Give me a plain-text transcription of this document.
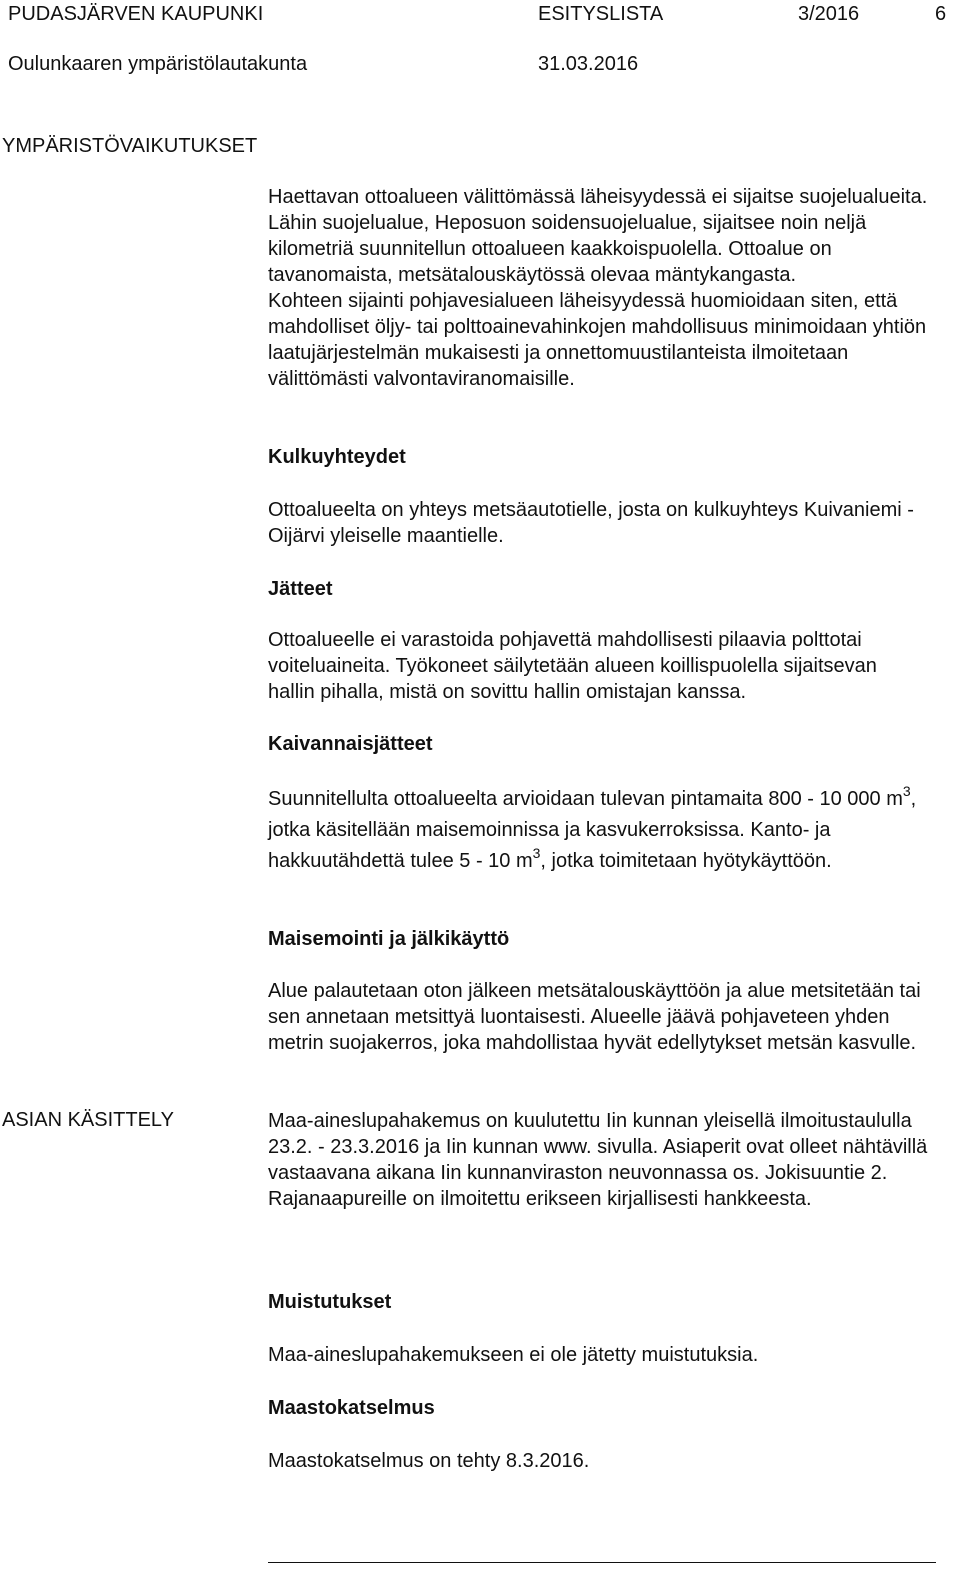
PUDASJÄRVEN KAUPUNKI	ESITYSLISTA	3/2016	6
Oulunkaaren ympäristölautakunta	31.03.2016
YMPÄRISTÖVAIKUTUKSET
ASIAN KÄSITTELY

Haettavan ottoalueen välittömässä läheisyydessä ei sijaitse suojelualueita. Lähin suojelualue, Heposuon soidensuojelualue, sijaitsee noin neljä kilometriä suunnitellun ottoalueen kaakkoispuolella. Ottoalue on tavanomaista, metsätalouskäytössä olevaa mäntykangasta.

Kohteen sijainti pohjavesialueen läheisyydessä huomioidaan siten, että mahdolliset öljy- tai polttoainevahinkojen mahdollisuus minimoidaan yhtiön laatujärjestelmän mukaisesti ja onnettomuustilanteista ilmoitetaan välittömästi valvontaviranomaisille.

Kulkuyhteydet

Ottoalueelta on yhteys metsäautotielle, josta on kulkuyhteys Kuivaniemi - Oijärvi yleiselle maantielle.

Jätteet

Ottoalueelle ei varastoida pohjavettä mahdollisesti pilaavia polttotai voiteluaineita. Työkoneet säilytetään alueen koillispuolella sijaitsevan hallin pihalla, mistä on sovittu hallin omistajan kanssa.

Kaivannaisjätteet

Suunnitellulta ottoalueelta arvioidaan tulevan pintamaita 800 - 10 000 $m^3$, jotka käsitellään maisemoinnissa ja kasvukerroksissa. Kanto- ja hakkuutähdettä tulee 5 - 10 $m^3$, jotka toimitetaan hyötykäyttöön.

Maisemointi ja jälkikäyttö

Alue palautetaan oton jälkeen metsätalouskäyttöön ja alue metsitetään tai sen annetaan metsittyä luontaisesti. Alueelle jäävä pohjaveteen yhden metrin suojakerros, joka mahdollistaa hyvät edellytykset metsän kasvulle.

Maa-aineslupahakemus on kuulutettu Iin kunnan yleisellä ilmoitustaululla 23.2. - 23.3.2016 ja Iin kunnan www. sivulla. Asiaperit ovat olleet nähtävillä vastaavana aikana Iin kunnanviraston neuvonnassa os. Jokisuuntie 2. Rajanaapureille on ilmoitettu erikseen kirjallisesti hankkeesta.

Muistutukset

Maa-aineslupahakemukseen ei ole jätetty muistutuksia.

Maastokatselmus

Maastokatselmus on tehty 8.3.2016.
